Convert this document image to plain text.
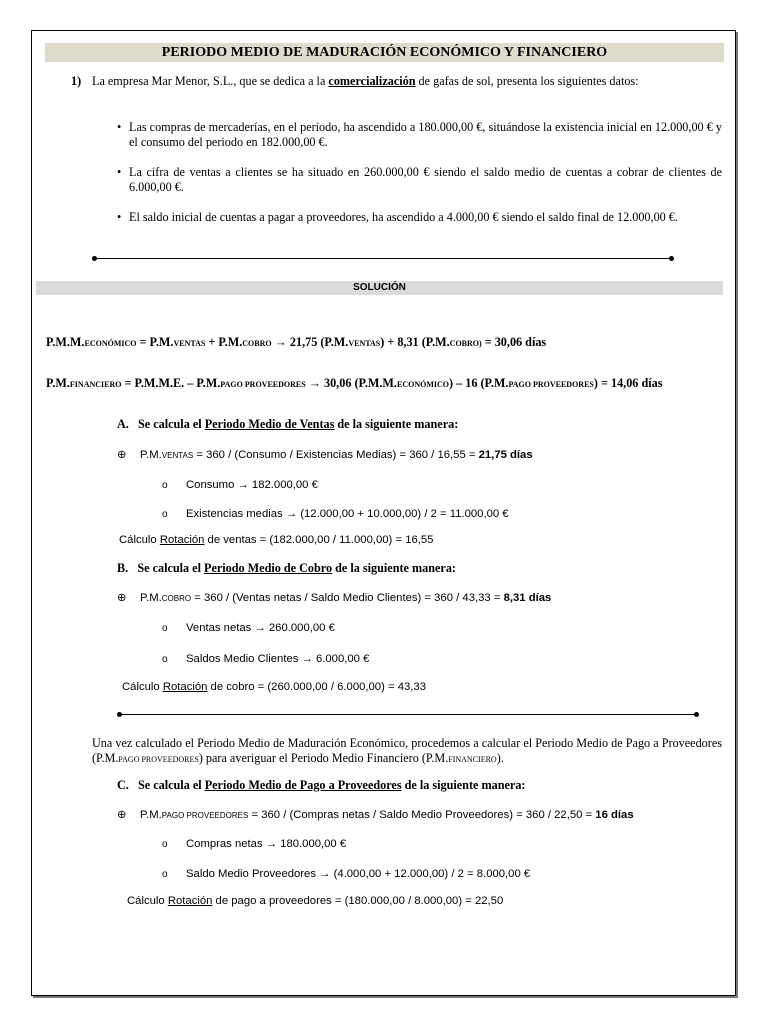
PERIODO MEDIO DE MADURACIÓN ECONÓMICO Y FINANCIERO
1) La empresa Mar Menor, S.L., que se dedica a la comercialización de gafas de sol, presenta los siguientes datos:
• Las compras de mercaderías, en el periodo, ha ascendido a 180.000,00 €, situándose la existencia inicial en 12.000,00 € y el consumo del periodo en 182.000,00 €.
• La cifra de ventas a clientes se ha situado en 260.000,00 € siendo el saldo medio de cuentas a cobrar de clientes de 6.000,00 €.
• El saldo inicial de cuentas a pagar a proveedores, ha ascendido a 4.000,00 € siendo el saldo final de 12.000,00 €.
SOLUCIÓN
P.M.M.ECONÓMICO = P.M.VENTAS + P.M.COBRO → 21,75 (P.M.VENTAS) + 8,31 (P.M.COBRO) = 30,06 días
P.M.FINANCIERO = P.M.M.E. – P.M.PAGO PROVEEDORES → 30,06 (P.M.M.ECONÓMICO) – 16 (P.M.PAGO PROVEEDORES) = 14,06 días
A. Se calcula el Periodo Medio de Ventas de la siguiente manera:
⊕ P.M.VENTAS = 360 / (Consumo / Existencias Medias) = 360 / 16,55 = 21,75 días
o Consumo → 182.000,00 €
o Existencias medias → (12.000,00 + 10.000,00) / 2 = 11.000,00 €
Cálculo Rotación de ventas = (182.000,00 / 11.000,00) = 16,55
B. Se calcula el Periodo Medio de Cobro de la siguiente manera:
⊕ P.M.COBRO = 360 / (Ventas netas / Saldo Medio Clientes) = 360 / 43,33 = 8,31 días
o Ventas netas → 260.000,00 €
o Saldos Medio Clientes → 6.000,00 €
Cálculo Rotación de cobro = (260.000,00 / 6.000,00) = 43,33
Una vez calculado el Periodo Medio de Maduración Económico, procedemos a calcular el Periodo Medio de Pago a Proveedores (P.M.PAGO PROVEEDORES) para averiguar el Periodo Medio Financiero (P.M.FINANCIERO).
C. Se calcula el Periodo Medio de Pago a Proveedores de la siguiente manera:
⊕ P.M.PAGO PROVEEDORES = 360 / (Compras netas / Saldo Medio Proveedores) = 360 / 22,50 = 16 días
o Compras netas → 180.000,00 €
o Saldo Medio Proveedores → (4.000,00 + 12.000,00) / 2 = 8.000,00 €
Cálculo Rotación de pago a proveedores = (180.000,00 / 8.000,00) = 22,50
